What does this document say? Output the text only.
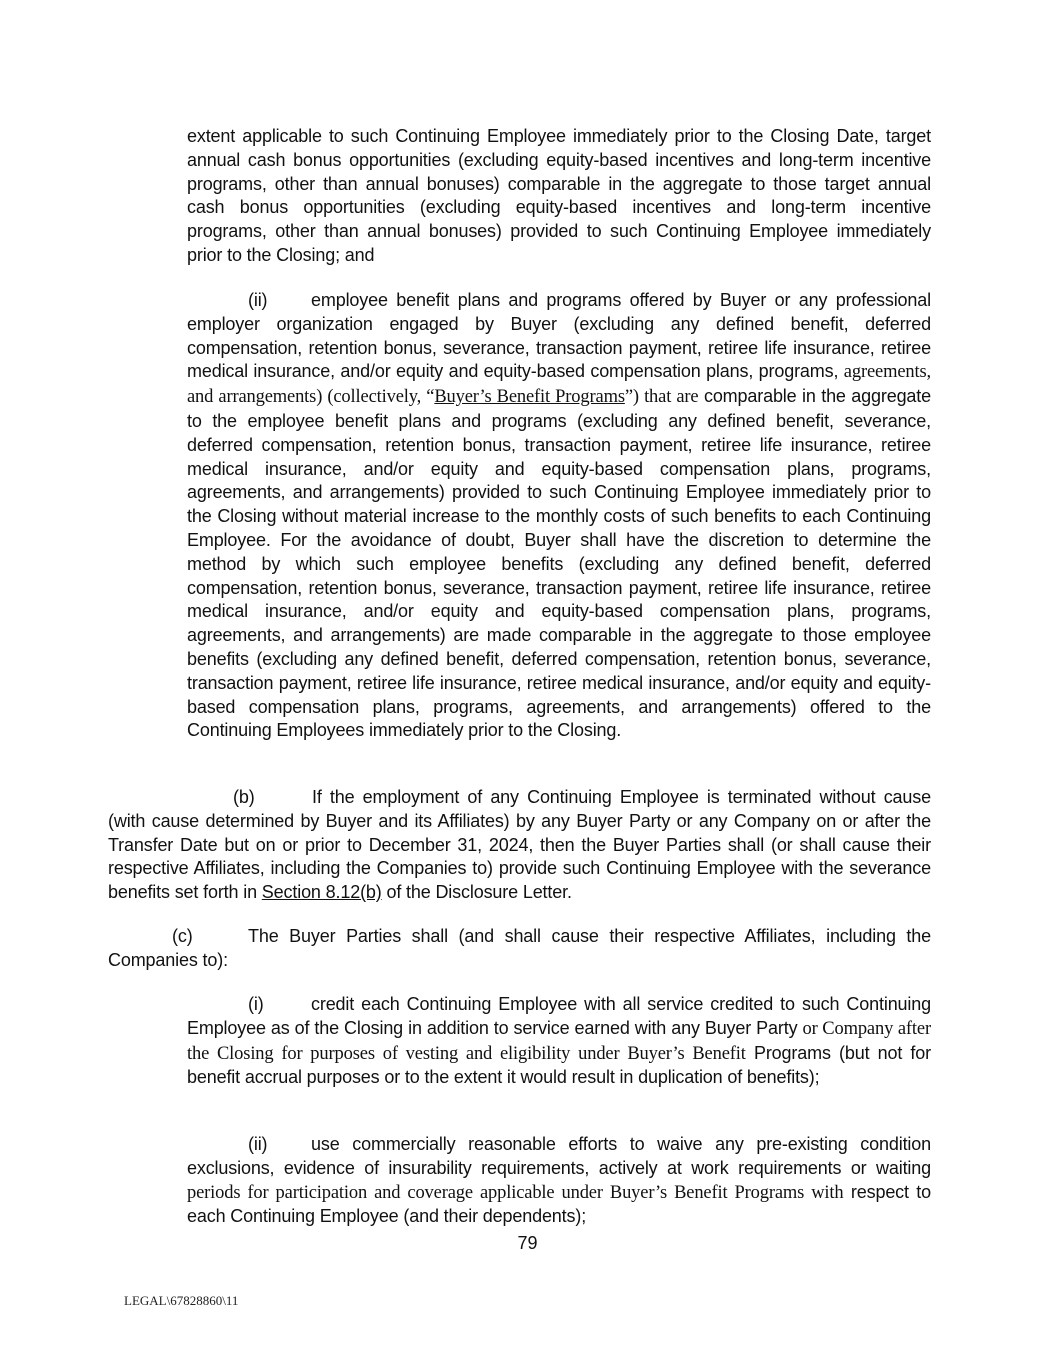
extent applicable to such Continuing Employee immediately prior to the Closing Date, target annual cash bonus opportunities (excluding equity-based incentives and long-term incentive programs, other than annual bonuses) comparable in the aggregate to those target annual cash bonus opportunities (excluding equity-based incentives and long-term incentive programs, other than annual bonuses) provided to such Continuing Employee immediately prior to the Closing; and

(ii) employee benefit plans and programs offered by Buyer or any professional employer organization engaged by Buyer (excluding any defined benefit, deferred compensation, retention bonus, severance, transaction payment, retiree life insurance, retiree medical insurance, and/or equity and equity-based compensation plans, programs, agreements, and arrangements) (collectively, “Buyer’s Benefit Programs”) that are comparable in the aggregate to the employee benefit plans and programs (excluding any defined benefit, severance, deferred compensation, retention bonus, transaction payment, retiree life insurance, retiree medical insurance, and/or equity and equity-based compensation plans, programs, agreements, and arrangements) provided to such Continuing Employee immediately prior to the Closing without material increase to the monthly costs of such benefits to each Continuing Employee. For the avoidance of doubt, Buyer shall have the discretion to determine the method by which such employee benefits (excluding any defined benefit, deferred compensation, retention bonus, severance, transaction payment, retiree life insurance, retiree medical insurance, and/or equity and equity-based compensation plans, programs, agreements, and arrangements) are made comparable in the aggregate to those employee benefits (excluding any defined benefit, deferred compensation, retention bonus, severance, transaction payment, retiree life insurance, retiree medical insurance, and/or equity and equity-based compensation plans, programs, agreements, and arrangements) offered to the Continuing Employees immediately prior to the Closing.

(b)	If the employment of any Continuing Employee is terminated without cause (with cause determined by Buyer and its Affiliates) by any Buyer Party or any Company on or after the Transfer Date but on or prior to December 31, 2024, then the Buyer Parties shall (or shall cause their respective Affiliates, including the Companies to) provide such Continuing Employee with the severance benefits set forth in Section 8.12(b) of the Disclosure Letter.

(c)	The Buyer Parties shall (and shall cause their respective Affiliates, including the Companies to):

(i)	credit each Continuing Employee with all service credited to such Continuing Employee as of the Closing in addition to service earned with any Buyer Party or Company after the Closing for purposes of vesting and eligibility under Buyer’s Benefit Programs (but not for benefit accrual purposes or to the extent it would result in duplication of benefits);

(ii) use commercially reasonable efforts to waive any pre-existing condition exclusions, evidence of insurability requirements, actively at work requirements or waiting periods for participation and coverage applicable under Buyer’s Benefit Programs with respect to each Continuing Employee (and their dependents);

79
LEGAL\67828860\11
